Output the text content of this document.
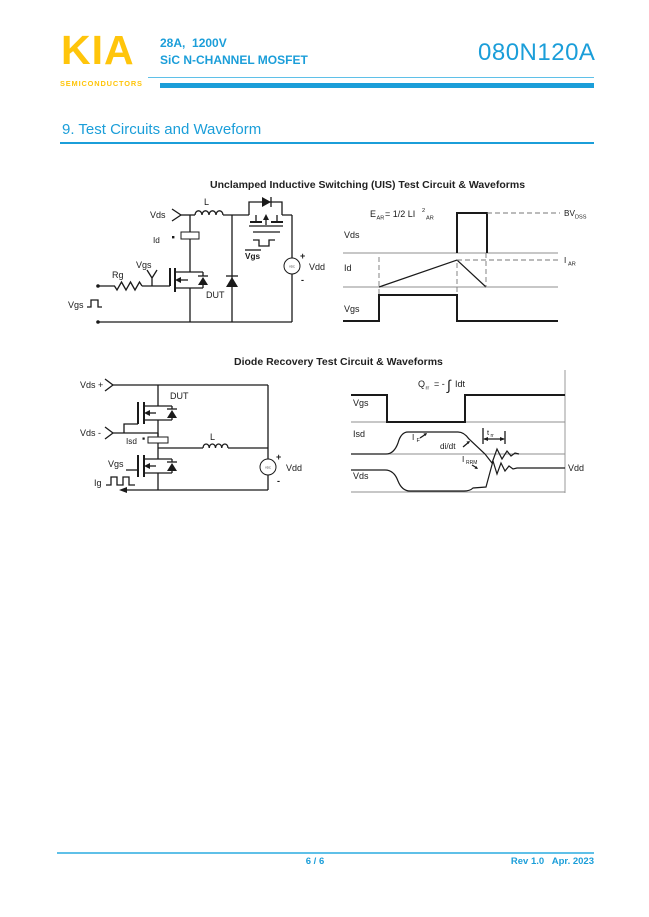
KIA
SEMICONDUCTORS
28A,  1200V
SiC N-CHANNEL MOSFET	080N120A
9. Test Circuits and Waveform
Unclamped Inductive Switching (UIS) Test Circuit & Waveforms
Vds
L
Vgs
VDC
+
Vdd
-
Id
DUT
Rg
Vgs
Vgs
E AR = 1/2 LI 2
AR
Vds
BV DSS
Id
I AR
Vgs
Diode Recovery Test Circuit & Waveforms
Vds +
DUT
Vds -
Isd	L
Vgs
Ig
VDC
+
Vdd
-
Q rr = - ∫ Idt
Vgs
Isd	I F
di/dt
t rr
I RRM
Vds
Vdd
6 / 6	Rev 1.0   Apr. 2023
